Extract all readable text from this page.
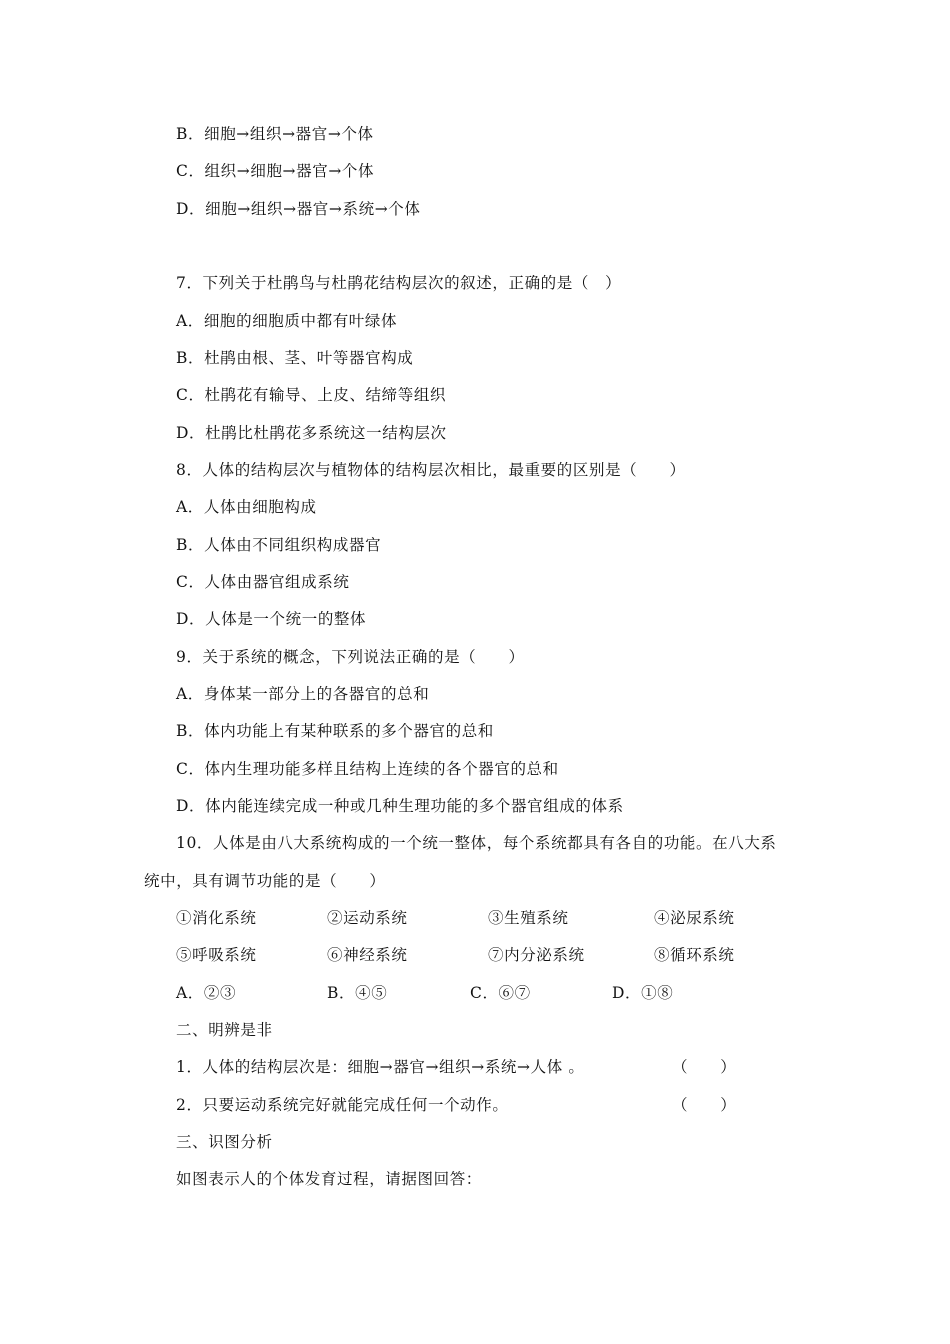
B．细胞→组织→器官→个体
C．组织→细胞→器官→个体
D．细胞→组织→器官→系统→个体
7．下列关于杜鹃鸟与杜鹃花结构层次的叙述，正确的是（　）
A．细胞的细胞质中都有叶绿体
B．杜鹃由根、茎、叶等器官构成
C．杜鹃花有输导、上皮、结缔等组织
D．杜鹃比杜鹃花多系统这一结构层次
8．人体的结构层次与植物体的结构层次相比，最重要的区别是（　　）
A．人体由细胞构成
B．人体由不同组织构成器官
C．人体由器官组成系统
D．人体是一个统一的整体
9．关于系统的概念，下列说法正确的是（　　）
A．身体某一部分上的各器官的总和
B．体内功能上有某种联系的多个器官的总和
C．体内生理功能多样且结构上连续的各个器官的总和
D．体内能连续完成一种或几种生理功能的多个器官组成的体系
10．人体是由八大系统构成的一个统一整体，每个系统都具有各自的功能。在八大系
统中，具有调节功能的是（　　）
①消化系统	②运动系统	③生殖系统	④泌尿系统
⑤呼吸系统	⑥神经系统	⑦内分泌系统	⑧循环系统
A．②③	B．④⑤	C．⑥⑦	D．①⑧
二、明辨是非
1．人体的结构层次是：细胞→器官→组织→系统→人体 。	（　　）
2．只要运动系统完好就能完成任何一个动作。	（　　）
三、识图分析
如图表示人的个体发育过程，请据图回答：
